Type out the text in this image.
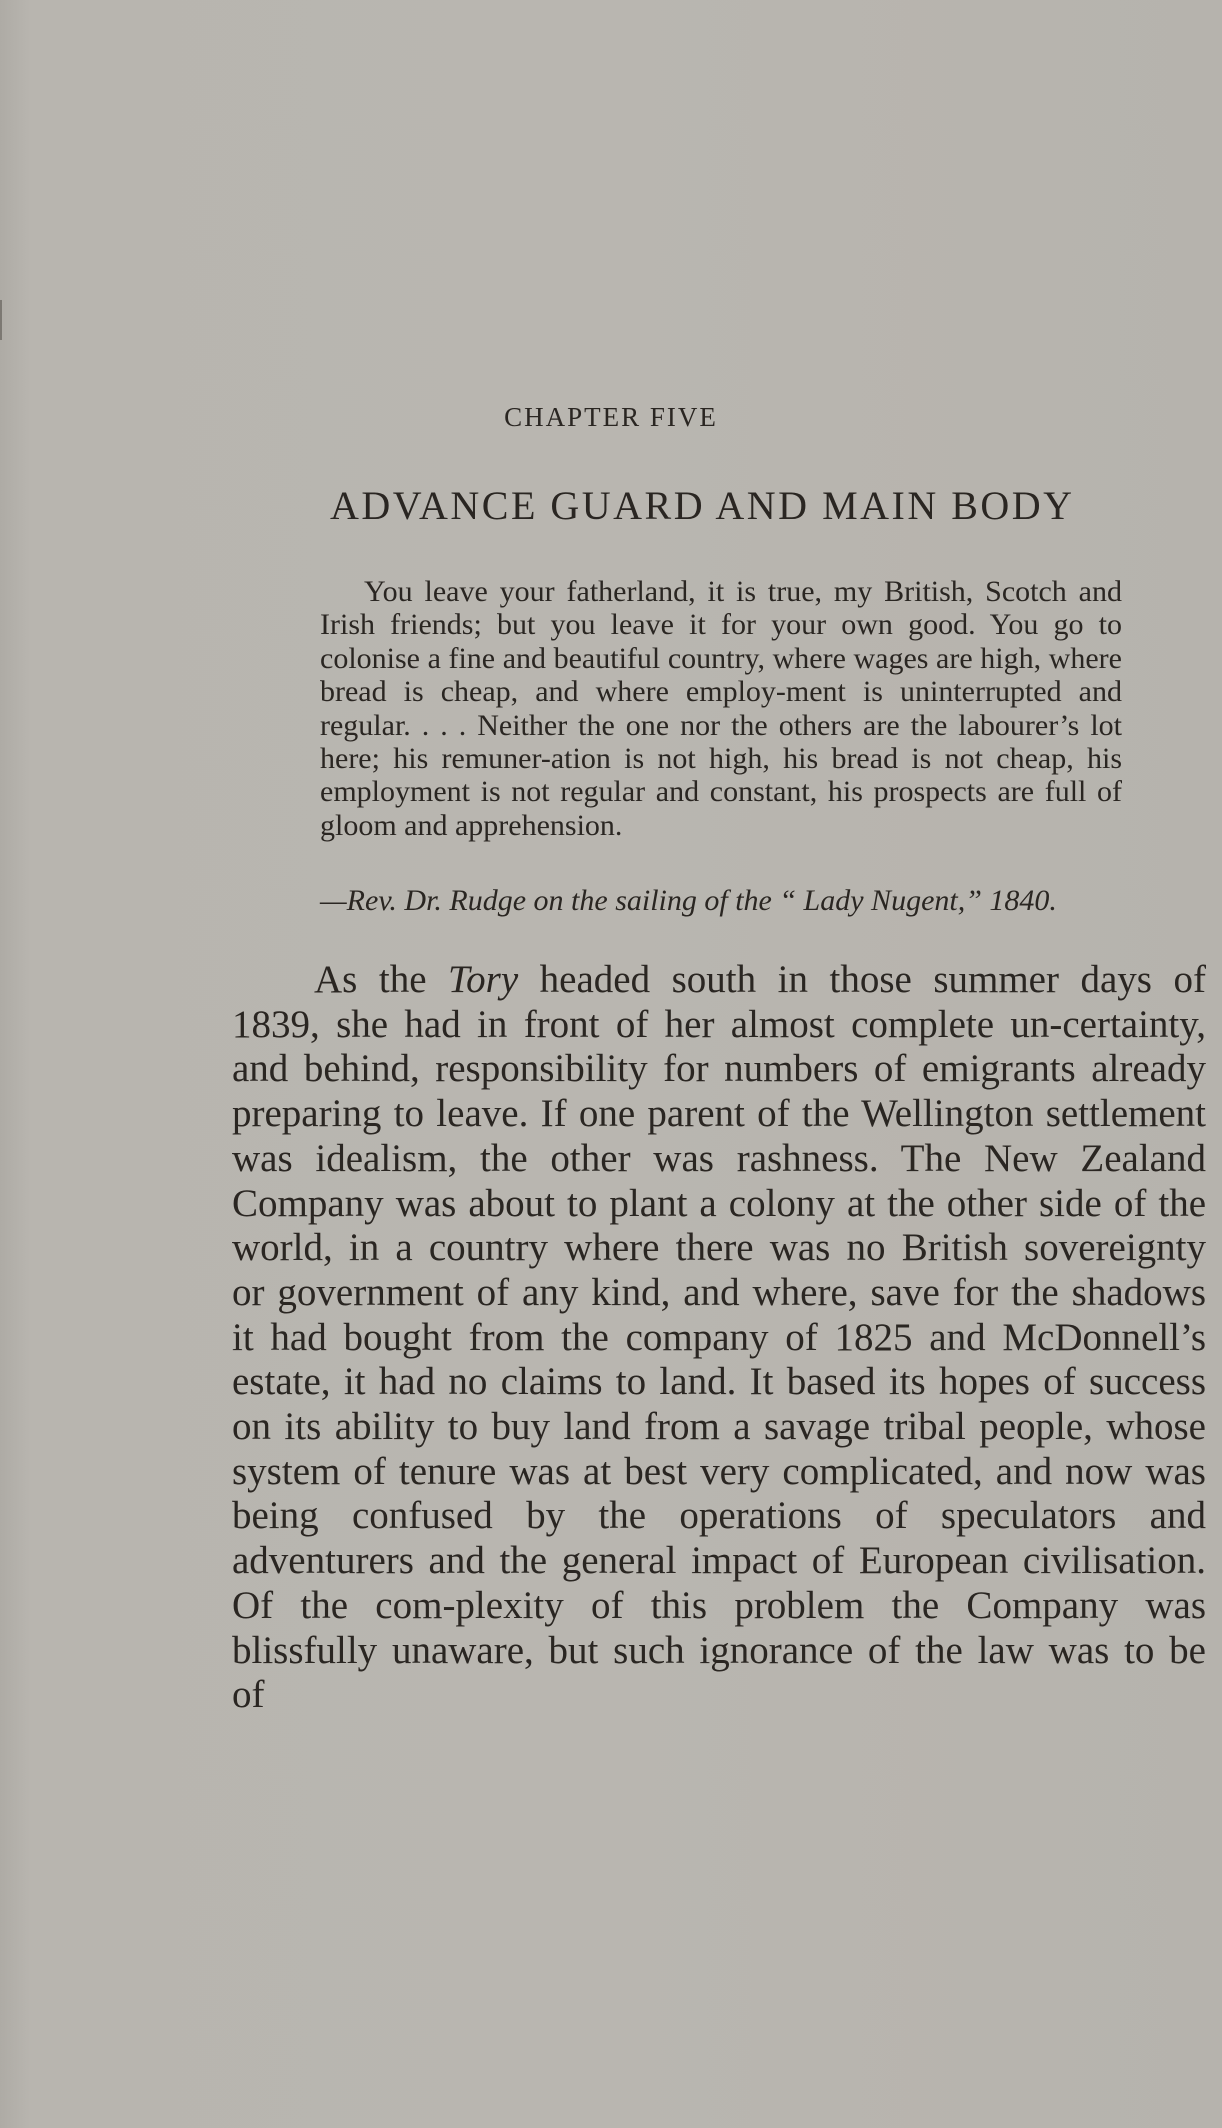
CHAPTER FIVE
ADVANCE GUARD AND MAIN BODY

You leave your fatherland, it is true, my British, Scotch and Irish friends; but you leave it for your own good. You go to colonise a fine and beautiful country, where wages are high, where bread is cheap, and where employ-ment is uninterrupted and regular. . . . Neither the one nor the others are the labourer’s lot here; his remuner-ation is not high, his bread is not cheap, his employment is not regular and constant, his prospects are full of gloom and apprehension.

—Rev. Dr. Rudge on the sailing of the “ Lady Nugent,” 1840.

As the Tory headed south in those summer days of 1839, she had in front of her almost complete un-certainty, and behind, responsibility for numbers of emigrants already preparing to leave. If one parent of the Wellington settlement was idealism, the other was rashness. The New Zealand Company was about to plant a colony at the other side of the world, in a country where there was no British sovereignty or government of any kind, and where, save for the shadows it had bought from the company of 1825 and McDonnell’s estate, it had no claims to land. It based its hopes of success on its ability to buy land from a savage tribal people, whose system of tenure was at best very complicated, and now was being confused by the operations of speculators and adventurers and the general impact of European civilisation. Of the com-plexity of this problem the Company was blissfully unaware, but such ignorance of the law was to be of
